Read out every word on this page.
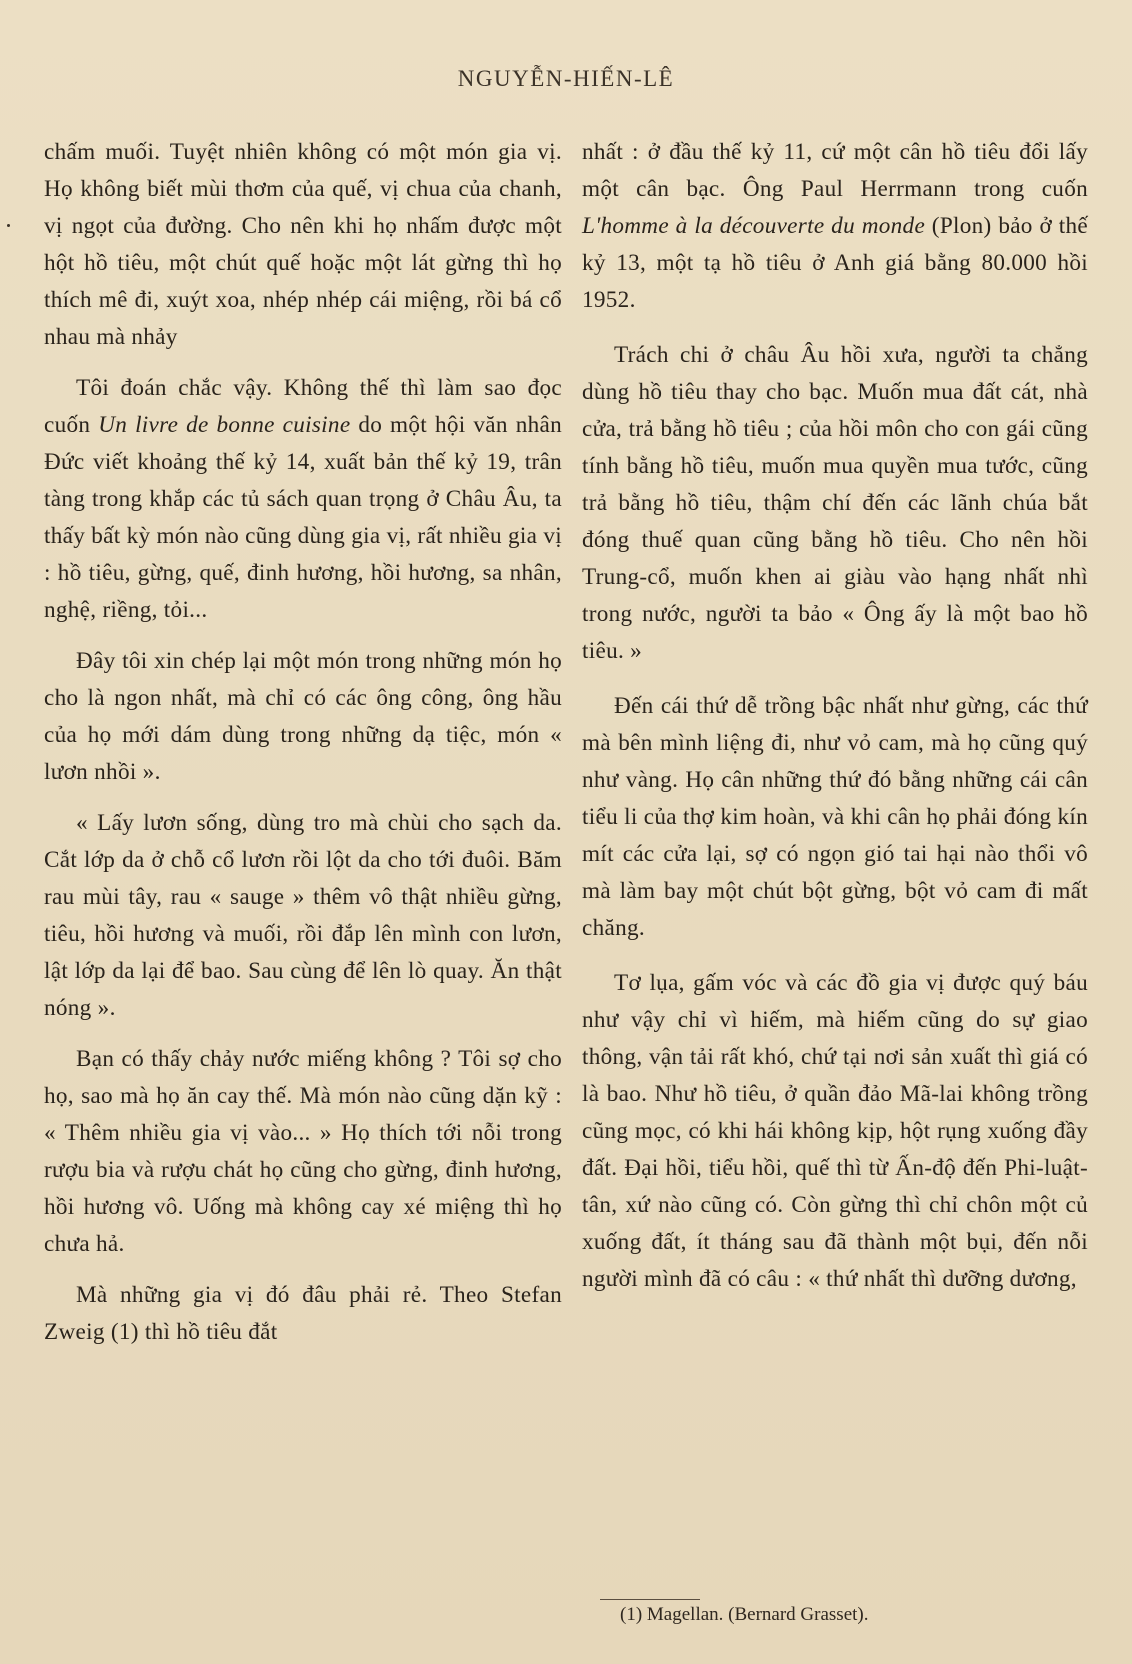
NGUYỄN-HIẾN-LÊ

chấm muối. Tuyệt nhiên không có một món gia vị. Họ không biết mùi thơm của quế, vị chua của chanh, vị ngọt của đường. Cho nên khi họ nhấm được một hột hồ tiêu, một chút quế hoặc một lát gừng thì họ thích mê đi, xuýt xoa, nhép nhép cái miệng, rồi bá cổ nhau mà nhảy

Tôi đoán chắc vậy. Không thế thì làm sao đọc cuốn Un livre de bonne cuisine do một hội văn nhân Đức viết khoảng thế kỷ 14, xuất bản thế kỷ 19, trân tàng trong khắp các tủ sách quan trọng ở Châu Âu, ta thấy bất kỳ món nào cũng dùng gia vị, rất nhiều gia vị : hồ tiêu, gừng, quế, đinh hương, hồi hương, sa nhân, nghệ, riềng, tỏi...

Đây tôi xin chép lại một món trong những món họ cho là ngon nhất, mà chỉ có các ông công, ông hầu của họ mới dám dùng trong những dạ tiệc, món « lươn nhồi ».

« Lấy lươn sống, dùng tro mà chùi cho sạch da. Cắt lớp da ở chỗ cổ lươn rồi lột da cho tới đuôi. Băm rau mùi tây, rau « sauge » thêm vô thật nhiều gừng, tiêu, hồi hương và muối, rồi đắp lên mình con lươn, lật lớp da lại để bao. Sau cùng để lên lò quay. Ăn thật nóng ».

Bạn có thấy chảy nước miếng không ? Tôi sợ cho họ, sao mà họ ăn cay thế. Mà món nào cũng dặn kỹ : « Thêm nhiều gia vị vào... » Họ thích tới nỗi trong rượu bia và rượu chát họ cũng cho gừng, đinh hương, hồi hương vô. Uống mà không cay xé miệng thì họ chưa hả.

Mà những gia vị đó đâu phải rẻ. Theo Stefan Zweig (1) thì hồ tiêu đắt

nhất : ở đầu thế kỷ 11, cứ một cân hồ tiêu đổi lấy một cân bạc. Ông Paul Herrmann trong cuốn L'homme à la découverte du monde (Plon) bảo ở thế kỷ 13, một tạ hồ tiêu ở Anh giá bằng 80.000 hồi 1952.

Trách chi ở châu Âu hồi xưa, người ta chẳng dùng hồ tiêu thay cho bạc. Muốn mua đất cát, nhà cửa, trả bằng hồ tiêu ; của hồi môn cho con gái cũng tính bằng hồ tiêu, muốn mua quyền mua tước, cũng trả bằng hồ tiêu, thậm chí đến các lãnh chúa bắt đóng thuế quan cũng bằng hồ tiêu. Cho nên hồi Trung-cổ, muốn khen ai giàu vào hạng nhất nhì trong nước, người ta bảo « Ông ấy là một bao hồ tiêu. »

Đến cái thứ dễ trồng bậc nhất như gừng, các thứ mà bên mình liệng đi, như vỏ cam, mà họ cũng quý như vàng. Họ cân những thứ đó bằng những cái cân tiểu li của thợ kim hoàn, và khi cân họ phải đóng kín mít các cửa lại, sợ có ngọn gió tai hại nào thổi vô mà làm bay một chút bột gừng, bột vỏ cam đi mất chăng.

Tơ lụa, gấm vóc và các đồ gia vị được quý báu như vậy chỉ vì hiếm, mà hiếm cũng do sự giao thông, vận tải rất khó, chứ tại nơi sản xuất thì giá có là bao. Như hồ tiêu, ở quần đảo Mã-lai không trồng cũng mọc, có khi hái không kịp, hột rụng xuống đầy đất. Đại hồi, tiểu hồi, quế thì từ Ấn-độ đến Phi-luật-tân, xứ nào cũng có. Còn gừng thì chỉ chôn một củ xuống đất, ít tháng sau đã thành một bụi, đến nỗi người mình đã có câu : « thứ nhất thì dưỡng dương,

(1) Magellan. (Bernard Grasset).
